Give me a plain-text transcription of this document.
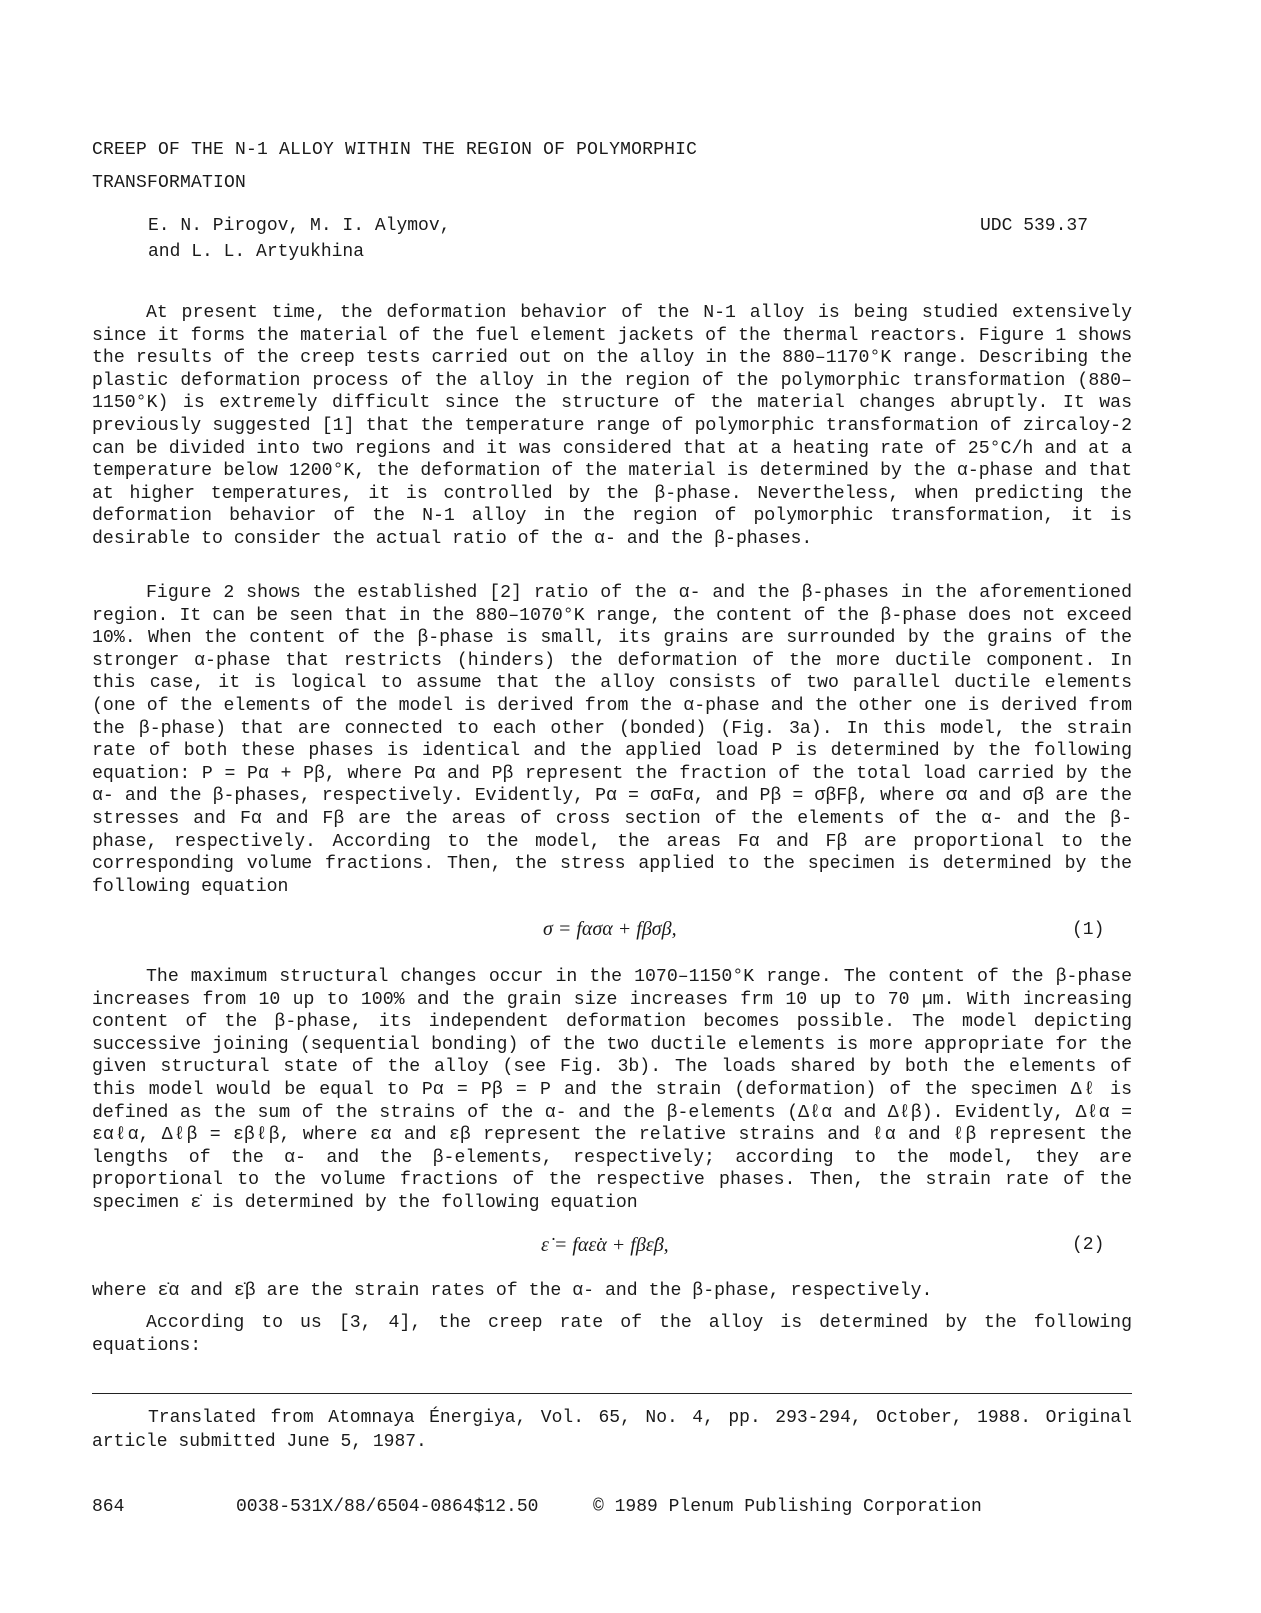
CREEP OF THE N-1 ALLOY WITHIN THE REGION OF POLYMORPHIC
TRANSFORMATION
E. N. Pirogov, M. I. Alymov,
and L. L. Artyukhina
UDC 539.37
At present time, the deformation behavior of the N-1 alloy is being studied extensively since it forms the material of the fuel element jackets of the thermal reactors. Figure 1 shows the results of the creep tests carried out on the alloy in the 880–1170°K range. Describing the plastic deformation process of the alloy in the region of the polymorphic transformation (880–1150°K) is extremely difficult since the structure of the material changes abruptly. It was previously suggested [1] that the temperature range of polymorphic transformation of zircaloy-2 can be divided into two regions and it was considered that at a heating rate of 25°C/h and at a temperature below 1200°K, the deformation of the material is determined by the α-phase and that at higher temperatures, it is controlled by the β-phase. Nevertheless, when predicting the deformation behavior of the N-1 alloy in the region of polymorphic transformation, it is desirable to consider the actual ratio of the α- and the β-phases.
Figure 2 shows the established [2] ratio of the α- and the β-phases in the aforementioned region. It can be seen that in the 880–1070°K range, the content of the β-phase does not exceed 10%. When the content of the β-phase is small, its grains are surrounded by the grains of the stronger α-phase that restricts (hinders) the deformation of the more ductile component. In this case, it is logical to assume that the alloy consists of two parallel ductile elements (one of the elements of the model is derived from the α-phase and the other one is derived from the β-phase) that are connected to each other (bonded) (Fig. 3a). In this model, the strain rate of both these phases is identical and the applied load P is determined by the following equation: P = Pα + Pβ, where Pα and Pβ represent the fraction of the total load carried by the α- and the β-phases, respectively. Evidently, Pα = σαFα, and Pβ = σβFβ, where σα and σβ are the stresses and Fα and Fβ are the areas of cross section of the elements of the α- and the β-phase, respectively. According to the model, the areas Fα and Fβ are proportional to the corresponding volume fractions. Then, the stress applied to the specimen is determined by the following equation
σ = fασα + fβσβ,	(1)
The maximum structural changes occur in the 1070–1150°K range. The content of the β-phase increases from 10 up to 100% and the grain size increases frm 10 up to 70 µm. With increasing content of the β-phase, its independent deformation becomes possible. The model depicting successive joining (sequential bonding) of the two ductile elements is more appropriate for the given structural state of the alloy (see Fig. 3b). The loads shared by both the elements of this model would be equal to Pα = Pβ = P and the strain (deformation) of the specimen Δℓ is defined as the sum of the strains of the α- and the β-elements (Δℓα and Δℓβ). Evidently, Δℓα = εαℓα, Δℓβ = εβℓβ, where εα and εβ represent the relative strains and ℓα and ℓβ represent the lengths of the α- and the β-elements, respectively; according to the model, they are proportional to the volume fractions of the respective phases. Then, the strain rate of the specimen ε̇ is determined by the following equation
ε̇ = fαε̇α + fβε̇β,	(2)
where ε̇α and ε̇β are the strain rates of the α- and the β-phase, respectively.
According to us [3, 4], the creep rate of the alloy is determined by the following equations:
Translated from Atomnaya Énergiya, Vol. 65, No. 4, pp. 293-294, October, 1988. Original article submitted June 5, 1987.
864	0038-531X/88/6504-0864$12.50	© 1989 Plenum Publishing Corporation
